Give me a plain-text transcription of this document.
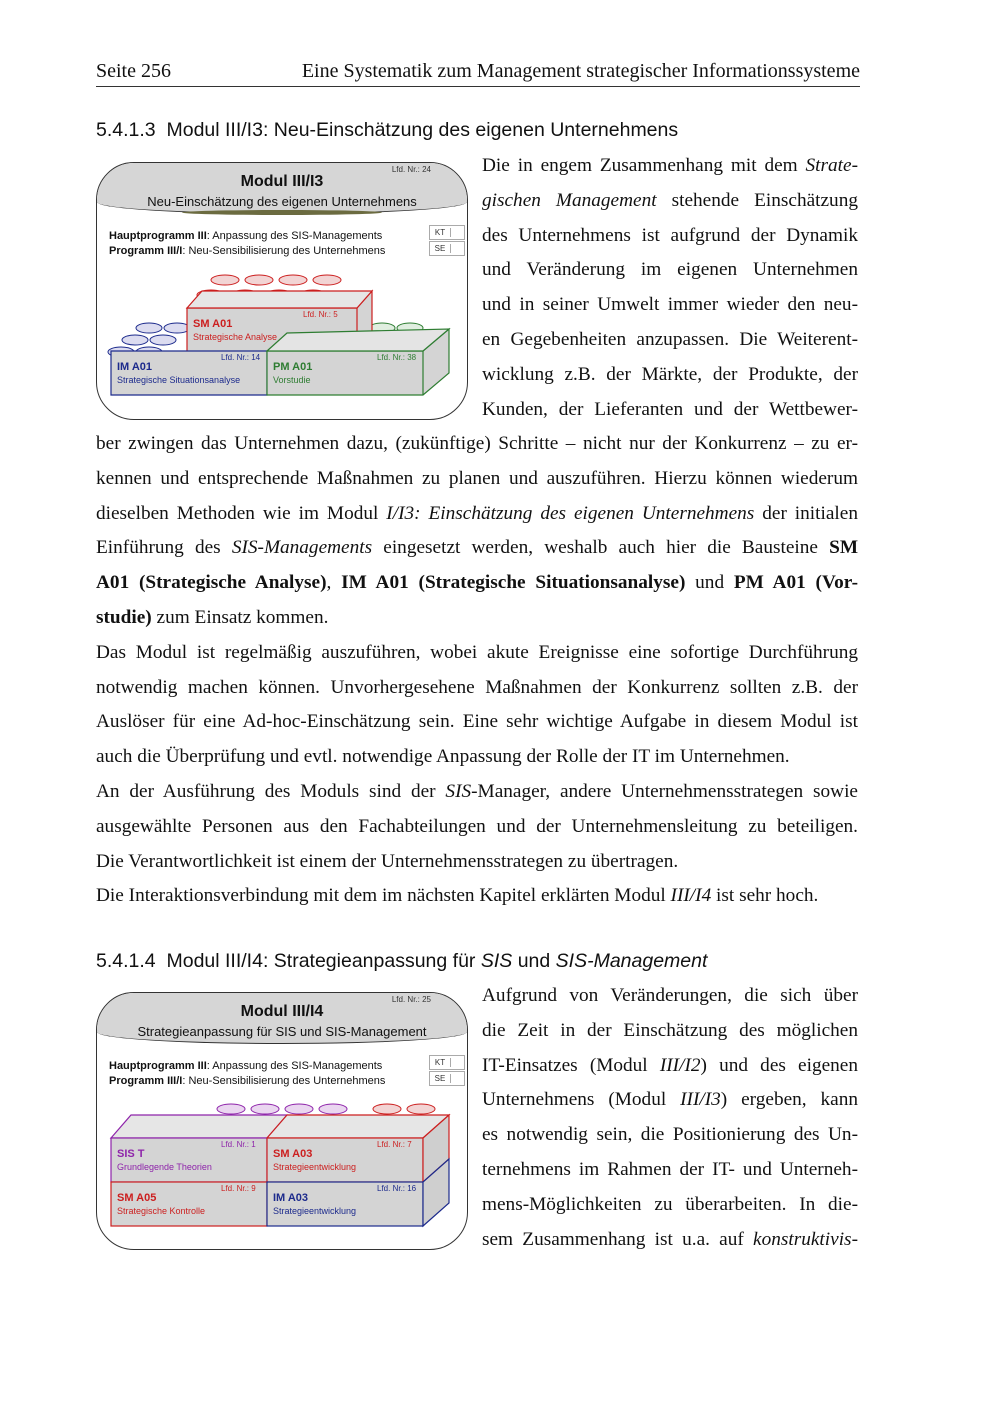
Seite 256	Eine Systematik zum Management strategischer Informationssysteme
5.4.1.3 Modul III/I3: Neu-Einschätzung des eigenen Unternehmens
Lfd. Nr.: 24
Modul III/I3
Neu-Einschätzung des eigenen Unternehmens
Hauptprogramm III: Anpassung des SIS-Managements
Programm III/I: Neu-Sensibilisierung des Unternehmens
KT
SE
Lfd. Nr.: 5
SM A01
Strategische Analyse
Lfd. Nr.: 14
IM A01
Strategische Situationsanalyse
Lfd. Nr.: 38
PM A01
Vorstudie
Die in engem Zusammenhang mit dem Strate-
gischen Management stehende Einschätzung
des Unternehmens ist aufgrund der Dynamik
und Veränderung im eigenen Unternehmen
und in seiner Umwelt immer wieder den neu-
en Gegebenheiten anzupassen. Die Weiterent-
wicklung z.B. der Märkte, der Produkte, der
Kunden, der Lieferanten und der Wettbewer-
ber zwingen das Unternehmen dazu, (zukünftige) Schritte – nicht nur der Konkurrenz – zu er-
kennen und entsprechende Maßnahmen zu planen und auszuführen. Hierzu können wiederum
dieselben Methoden wie im Modul I/I3: Einschätzung des eigenen Unternehmens der initialen
Einführung des SIS-Managements eingesetzt werden, weshalb auch hier die Bausteine SM
A01 (Strategische Analyse), IM A01 (Strategische Situationsanalyse) und PM A01 (Vor-
studie) zum Einsatz kommen.
Das Modul ist regelmäßig auszuführen, wobei akute Ereignisse eine sofortige Durchführung
notwendig machen können. Unvorhergesehene Maßnahmen der Konkurrenz sollten z.B. der
Auslöser für eine Ad-hoc-Einschätzung sein. Eine sehr wichtige Aufgabe in diesem Modul ist
auch die Überprüfung und evtl. notwendige Anpassung der Rolle der IT im Unternehmen.
An der Ausführung des Moduls sind der SIS-Manager, andere Unternehmensstrategen sowie
ausgewählte Personen aus den Fachabteilungen und der Unternehmensleitung zu beteiligen.
Die Verantwortlichkeit ist einem der Unternehmensstrategen zu übertragen.
Die Interaktionsverbindung mit dem im nächsten Kapitel erklärten Modul III/I4 ist sehr hoch.
5.4.1.4 Modul III/I4: Strategieanpassung für SIS und SIS-Management
Lfd. Nr.: 25
Modul III/I4
Strategieanpassung für SIS und SIS-Management
Hauptprogramm III: Anpassung des SIS-Managements
Programm III/I: Neu-Sensibilisierung des Unternehmens
KT
SE
Lfd. Nr.: 1
SIS T
Grundlegende Theorien
Lfd. Nr.: 7
SM A03
Strategieentwicklung
Lfd. Nr.: 9
SM A05
Strategische Kontrolle
Lfd. Nr.: 16
IM A03
Strategieentwicklung
Aufgrund von Veränderungen, die sich über
die Zeit in der Einschätzung des möglichen
IT-Einsatzes (Modul III/I2) und des eigenen
Unternehmens (Modul III/I3) ergeben, kann
es notwendig sein, die Positionierung des Un-
ternehmens im Rahmen der IT- und Unterneh-
mens-Möglichkeiten zu überarbeiten. In die-
sem Zusammenhang ist u.a. auf konstruktivis-
